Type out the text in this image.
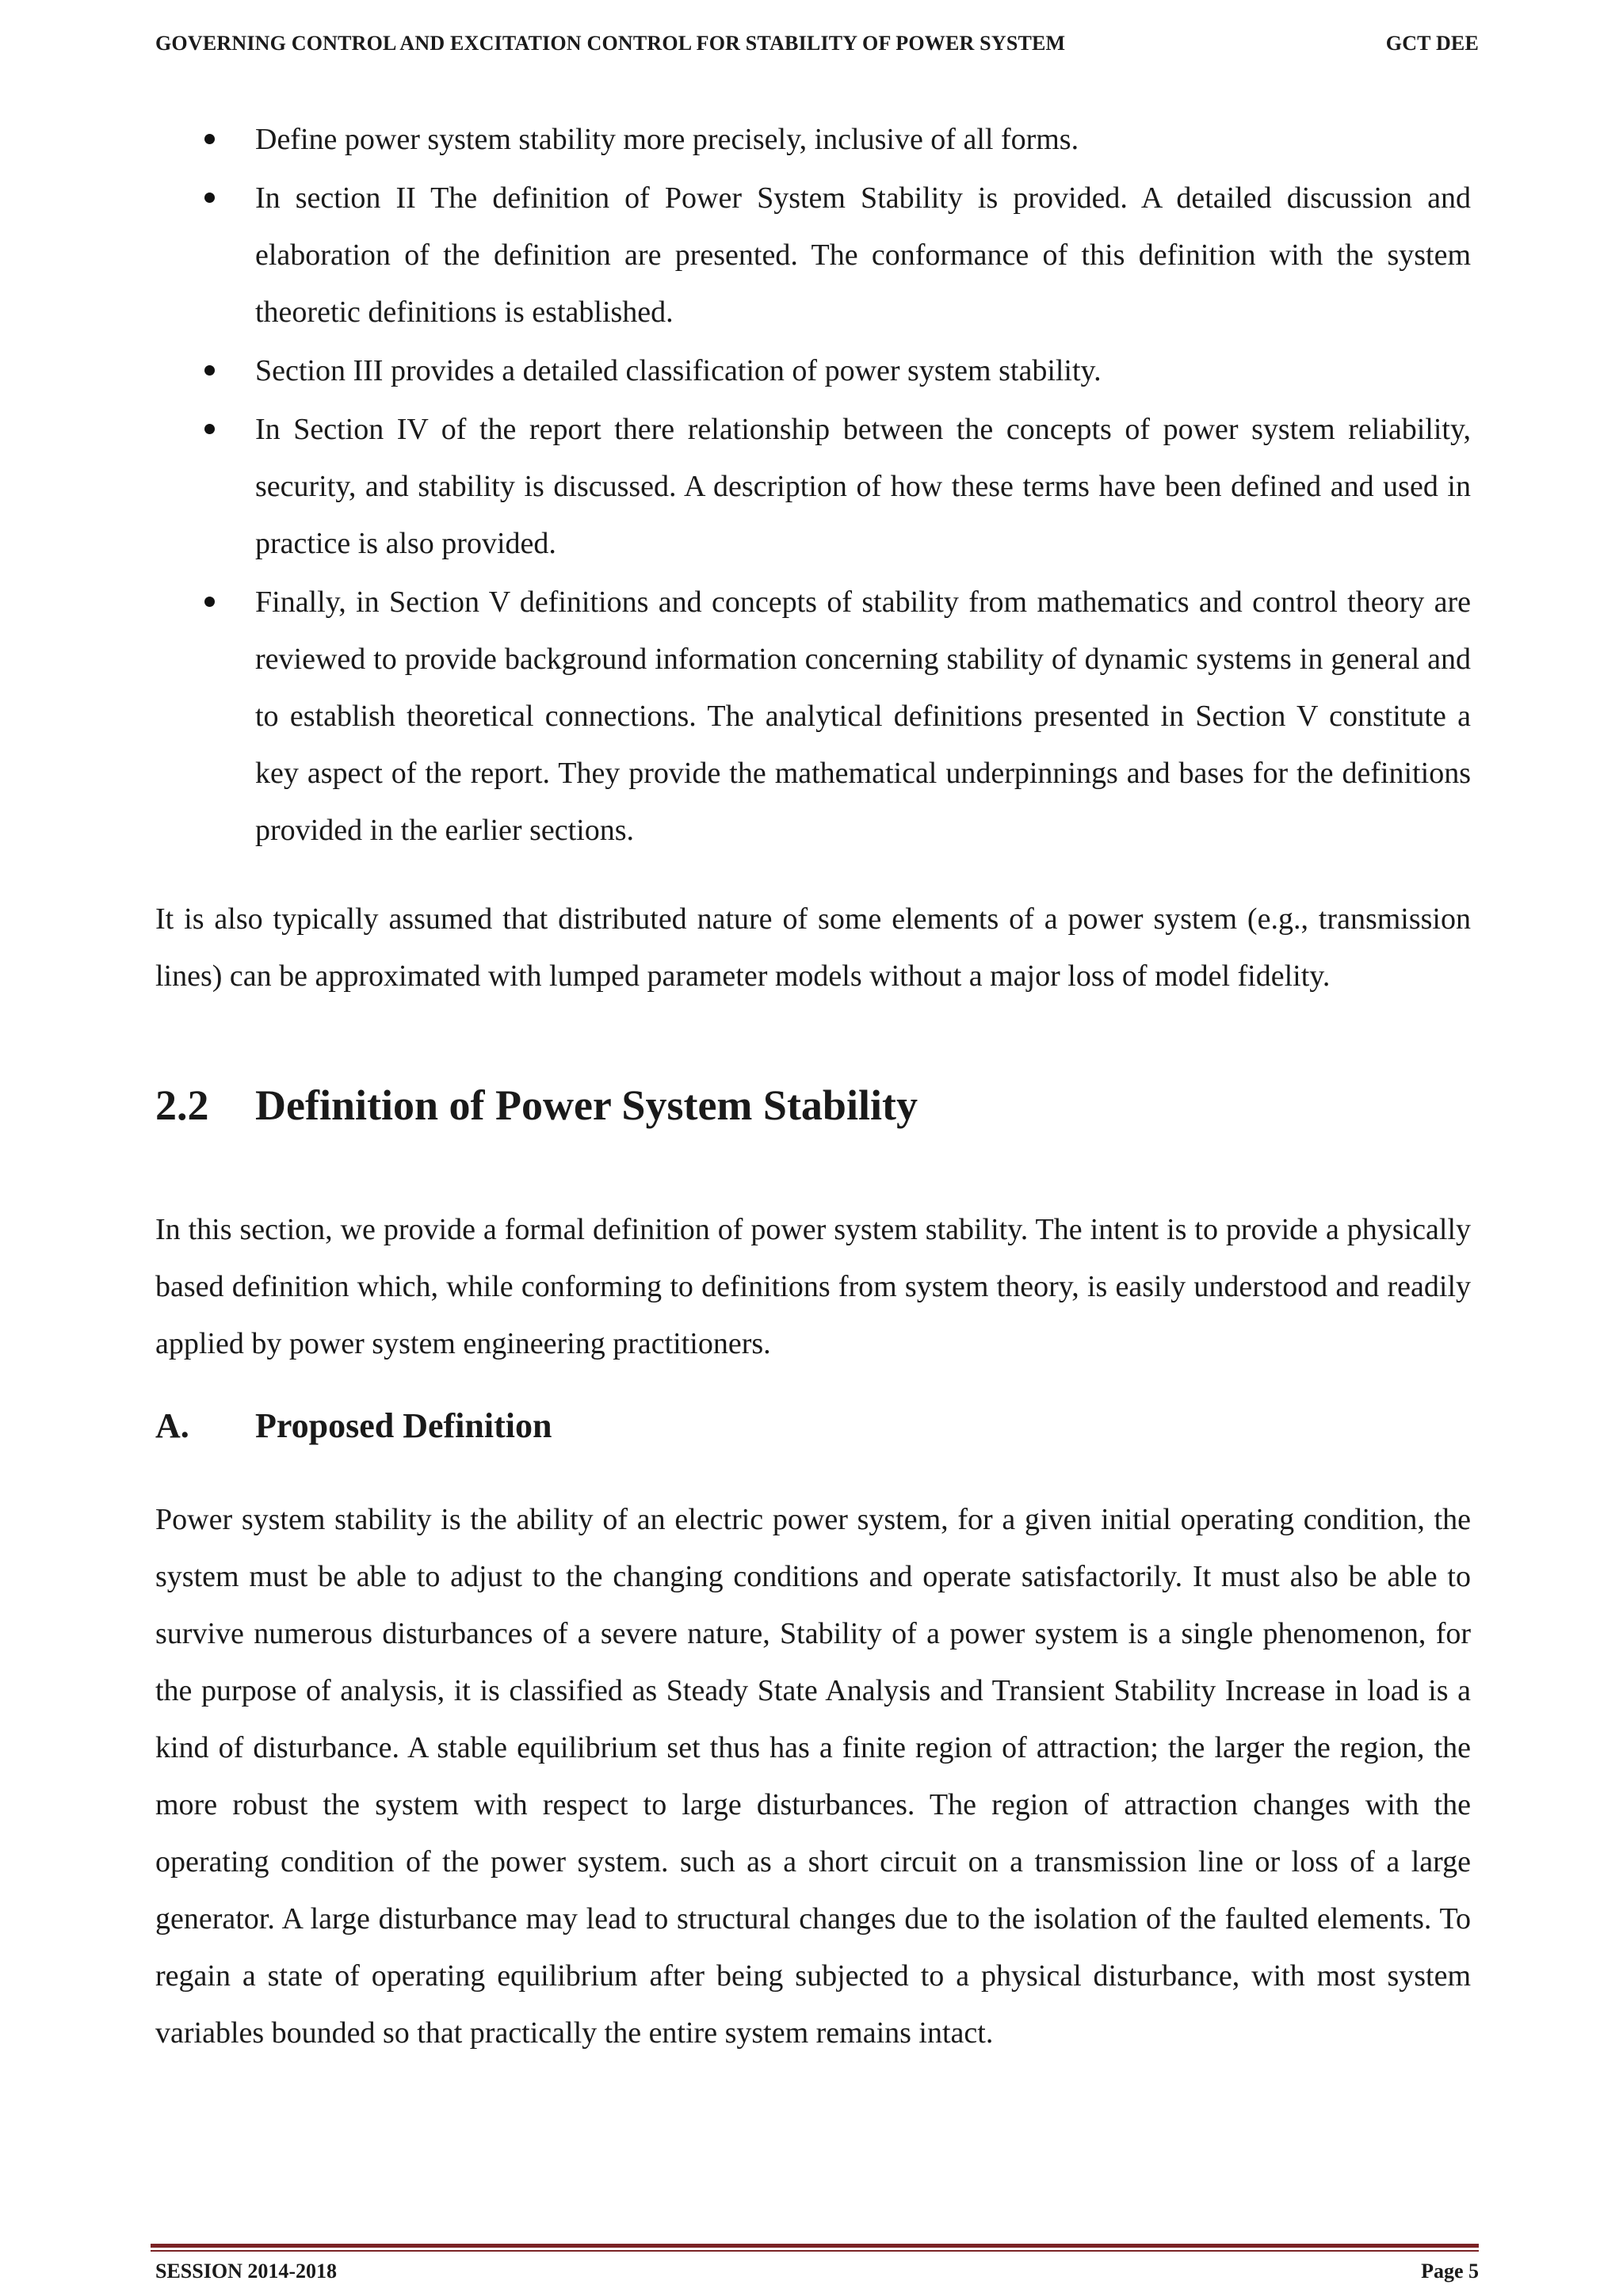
GOVERNING CONTROL AND EXCITATION CONTROL FOR STABILITY OF POWER SYSTEM	GCT DEE
Define power system stability more precisely, inclusive of all forms.
In section II The definition of Power System Stability is provided. A detailed discussion and elaboration of the definition are presented. The conformance of this definition with the system theoretic definitions is established.
Section III provides a detailed classification of power system stability.
In Section IV of the report there relationship between the concepts of power system reliability, security, and stability is discussed. A description of how these terms have been defined and used in practice is also provided.
Finally, in Section V definitions and concepts of stability from mathematics and control theory are reviewed to provide background information concerning stability of dynamic systems in general and to establish theoretical connections. The analytical definitions presented in Section V constitute a key aspect of the report. They provide the mathematical underpinnings and bases for the definitions provided in the earlier sections.

It is also typically assumed that distributed nature of some elements of a power system (e.g., transmission lines) can be approximated with lumped parameter models without a major loss of model fidelity.

2.2 Definition of Power System Stability

In this section, we provide a formal definition of power system stability. The intent is to provide a physically based definition which, while conforming to definitions from system theory, is easily understood and readily applied by power system engineering practitioners.

A. Proposed Definition

Power system stability is the ability of an electric power system, for a given initial operating condition, the system must be able to adjust to the changing conditions and operate satisfactorily. It must also be able to survive numerous disturbances of a severe nature, Stability of a power system is a single phenomenon, for the purpose of analysis, it is classified as Steady State Analysis and Transient Stability Increase in load is a kind of disturbance. A stable equilibrium set thus has a finite region of attraction; the larger the region, the more robust the system with respect to large disturbances. The region of attraction changes with the operating condition of the power system. such as a short circuit on a transmission line or loss of a large generator. A large disturbance may lead to structural changes due to the isolation of the faulted elements. To regain a state of operating equilibrium after being subjected to a physical disturbance, with most system variables bounded so that practically the entire system remains intact.

SESSION 2014-2018	Page 5
